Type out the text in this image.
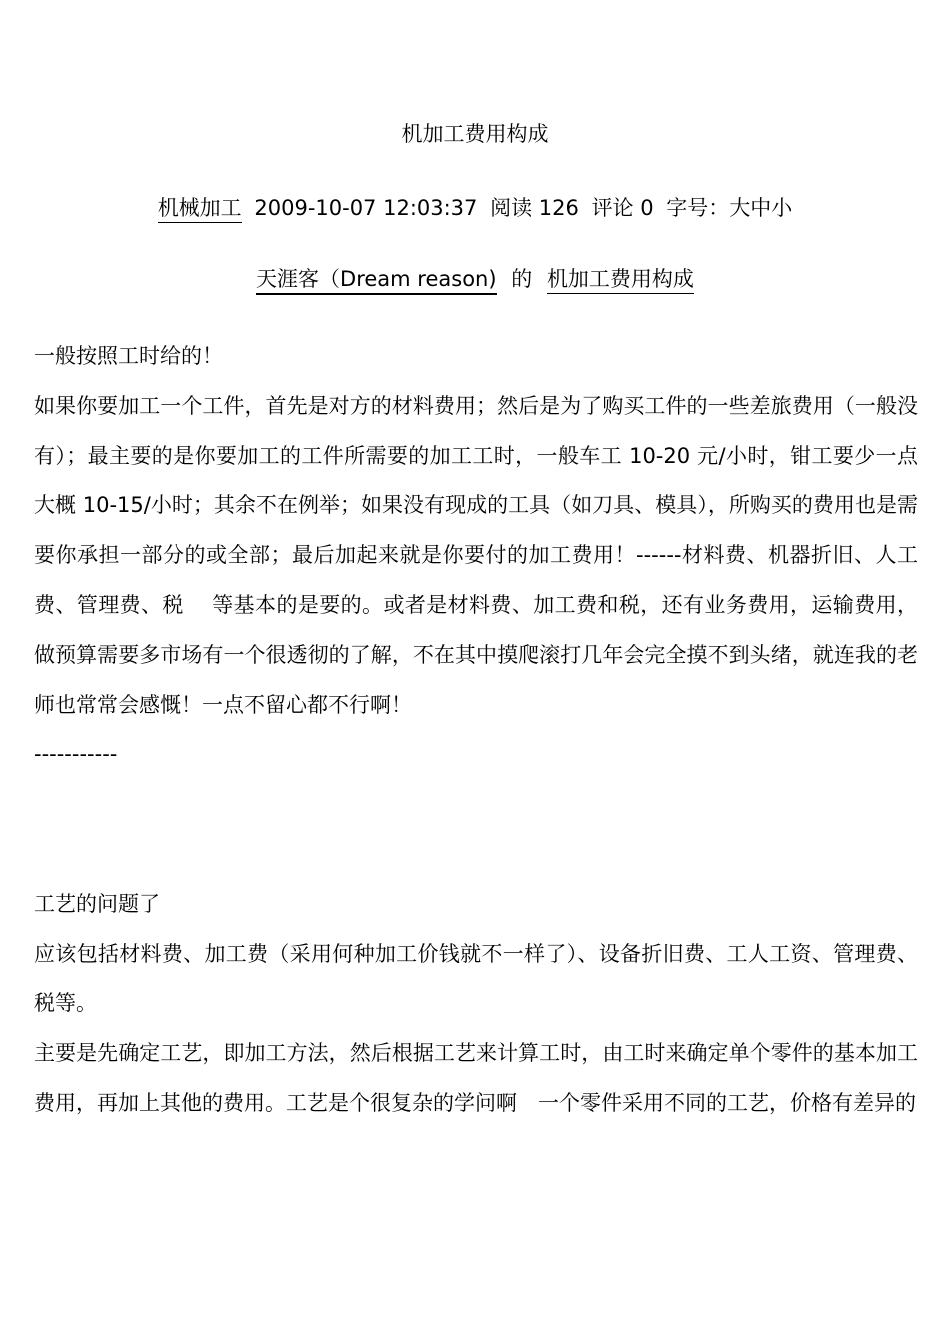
机加工费用构成
机械加工 2009-10-07 12:03:37 阅读 126 评论 0 字号：大中小
天涯客（Dream reason) 的 机加工费用构成

一般按照工时给的！

如果你要加工一个工件，首先是对方的材料费用；然后是为了购买工件的一些差旅费用（一般没有）；最主要的是你要加工的工件所需要的加工工时，一般车工 10-20 元/小时，钳工要少一点大概 10-15/小时；其余不在例举；如果没有现成的工具（如刀具、模具），所购买的费用也是需要你承担一部分的或全部；最后加起来就是你要付的加工费用！------材料费、机器折旧、人工费、管理费、税　 等基本的是要的。或者是材料费、加工费和税，还有业务费用，运输费用，做预算需要多市场有一个很透彻的了解，不在其中摸爬滚打几年会完全摸不到头绪，就连我的老师也常常会感慨！一点不留心都不行啊！

-----------

工艺的问题了

应该包括材料费、加工费（采用何种加工价钱就不一样了）、设备折旧费、工人工资、管理费、税等。

主要是先确定工艺，即加工方法，然后根据工艺来计算工时，由工时来确定单个零件的基本加工费用，再加上其他的费用。工艺是个很复杂的学问啊　一个零件采用不同的工艺，价格有差异的
